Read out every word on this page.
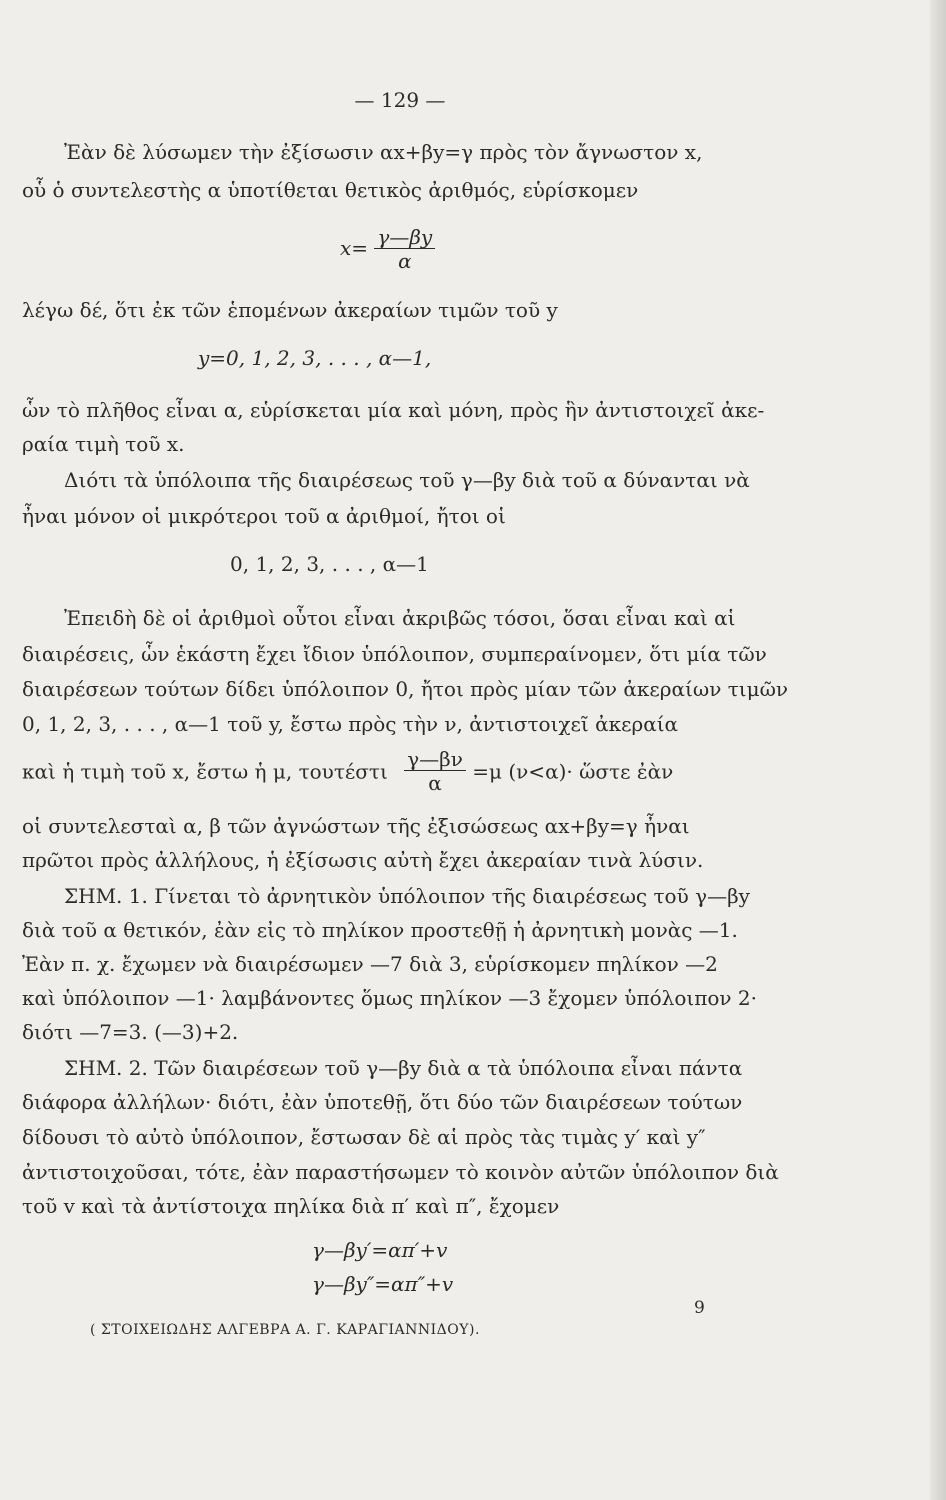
— 129 —
Ἐὰν δὲ λύσωμεν τὴν ἐξίσωσιν αx+βy=γ πρὸς τὸν ἄγνωστον x,
οὗ ὁ συντελεστὴς α ὑποτίθεται θετικὸς ἀριθμός, εὑρίσκομεν
$x= \frac{\gamma—\beta y}{\alpha}$
λέγω δέ, ὅτι ἐκ τῶν ἑπομένων ἀκεραίων τιμῶν τοῦ y
y=0, 1, 2, 3, . . . , α—1,
ὧν τὸ πλῆθος εἶναι α, εὑρίσκεται μία καὶ μόνη, πρὸς ἣν ἀντιστοιχεῖ ἀκε-
ραία τιμὴ τοῦ x.
Διότι τὰ ὑπόλοιπα τῆς διαιρέσεως τοῦ γ—βy διὰ τοῦ α δύνανται νὰ
ἦναι μόνον οἱ μικρότεροι τοῦ α ἀριθμοί, ἤτοι οἱ
0, 1, 2, 3, . . . , α—1
Ἐπειδὴ δὲ οἱ ἀριθμοὶ οὗτοι εἶναι ἀκριβῶς τόσοι, ὅσαι εἶναι καὶ αἱ
διαιρέσεις, ὧν ἑκάστη ἔχει ἴδιον ὑπόλοιπον, συμπεραίνομεν, ὅτι μία τῶν
διαιρέσεων τούτων δίδει ὑπόλοιπον 0, ἤτοι πρὸς μίαν τῶν ἀκεραίων τιμῶν
0, 1, 2, 3, . . . , α—1 τοῦ y, ἔστω πρὸς τὴν ν, ἀντιστοιχεῖ ἀκεραία
καὶ ἡ τιμὴ τοῦ x, ἔστω ἡ μ, τουτέστι $\frac{\gamma—\beta\nu}{\alpha} =\mu$ (ν<α)· ὥστε ἐὰν
οἱ συντελεσταὶ α, β τῶν ἀγνώστων τῆς ἐξισώσεως αx+βy=γ ἦναι
πρῶτοι πρὸς ἀλλήλους, ἡ ἐξίσωσις αὐτὴ ἔχει ἀκεραίαν τινὰ λύσιν.
ΣΗΜ. 1. Γίνεται τὸ ἀρνητικὸν ὑπόλοιπον τῆς διαιρέσεως τοῦ γ—βy
διὰ τοῦ α θετικόν, ἐὰν εἰς τὸ πηλίκον προστεθῇ ἡ ἀρνητικὴ μονὰς —1.
Ἐὰν π. χ. ἔχωμεν νὰ διαιρέσωμεν —7 διὰ 3, εὑρίσκομεν πηλίκον —2
καὶ ὑπόλοιπον —1· λαμβάνοντες ὅμως πηλίκον —3 ἔχομεν ὑπόλοιπον 2·
διότι —7=3. (—3)+2.
ΣΗΜ. 2. Τῶν διαιρέσεων τοῦ γ—βy διὰ α τὰ ὑπόλοιπα εἶναι πάντα
διάφορα ἀλλήλων· διότι, ἐὰν ὑποτεθῇ, ὅτι δύο τῶν διαιρέσεων τούτων
δίδουσι τὸ αὐτὸ ὑπόλοιπον, ἔστωσαν δὲ αἱ πρὸς τὰς τιμὰς y′ καὶ y″
ἀντιστοιχοῦσαι, τότε, ἐὰν παραστήσωμεν τὸ κοινὸν αὐτῶν ὑπόλοιπον διὰ
τοῦ v καὶ τὰ ἀντίστοιχα πηλίκα διὰ π′ καὶ π″, ἔχομεν
γ—βy′=απ′+v
γ—βy″=απ″+v
( ΣΤΟΙΧΕΙΩΔΗΣ ΑΛΓΕΒΡΑ Α. Γ. ΚΑΡΑΓΙΑΝΝΙΔΟΥ).
9
